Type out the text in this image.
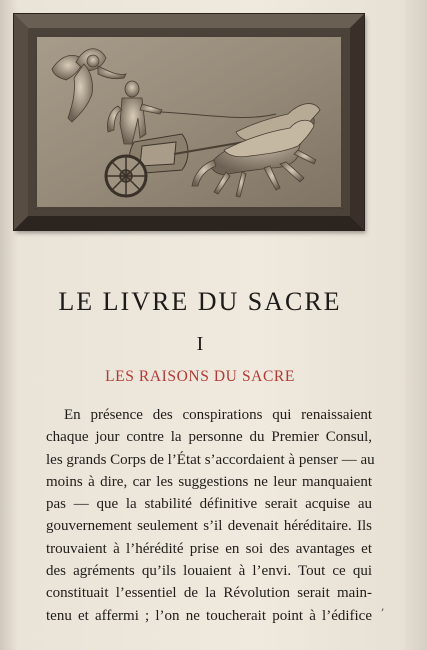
LE LIVRE DU SACRE
I
LES RAISONS DU SACRE
En présence des conspirations qui renaissaient
chaque jour contre la personne du Premier Consul,
les grands Corps de l’État s’accordaient à penser — au
moins à dire, car les suggestions ne leur manquaient
pas — que la stabilité définitive serait acquise au
gouvernement seulement s’il devenait héréditaire. Ils
trouvaient à l’hérédité prise en soi des avantages et
des agréments qu’ils louaient à l’envi. Tout ce qui
constituait l’essentiel de la Révolution serait main-
tenu et affermi ; l’on ne toucherait point à l’édifice
,
